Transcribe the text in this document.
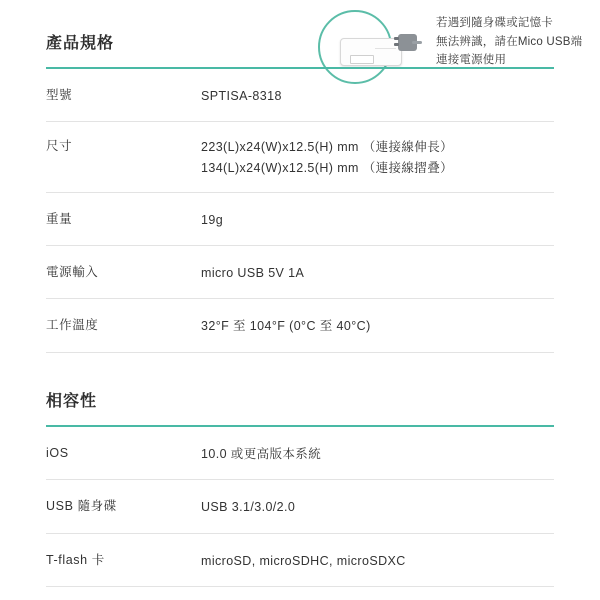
若遇到隨身碟或記憶卡
無法辨識，請在Mico USB端
連接電源使用
產品規格
型號	SPTISA-8318
尺寸	223(L)x24(W)x12.5(H) mm （連接線伸長）
134(L)x24(W)x12.5(H) mm （連接線摺叠）
重量	19g
電源輸入	micro USB 5V 1A
工作溫度	32°F 至 104°F (0°C 至 40°C)
相容性
iOS	10.0 或更高版本系統
USB 隨身碟	USB 3.1/3.0/2.0
T-flash 卡	microSD, microSDHC, microSDXC
